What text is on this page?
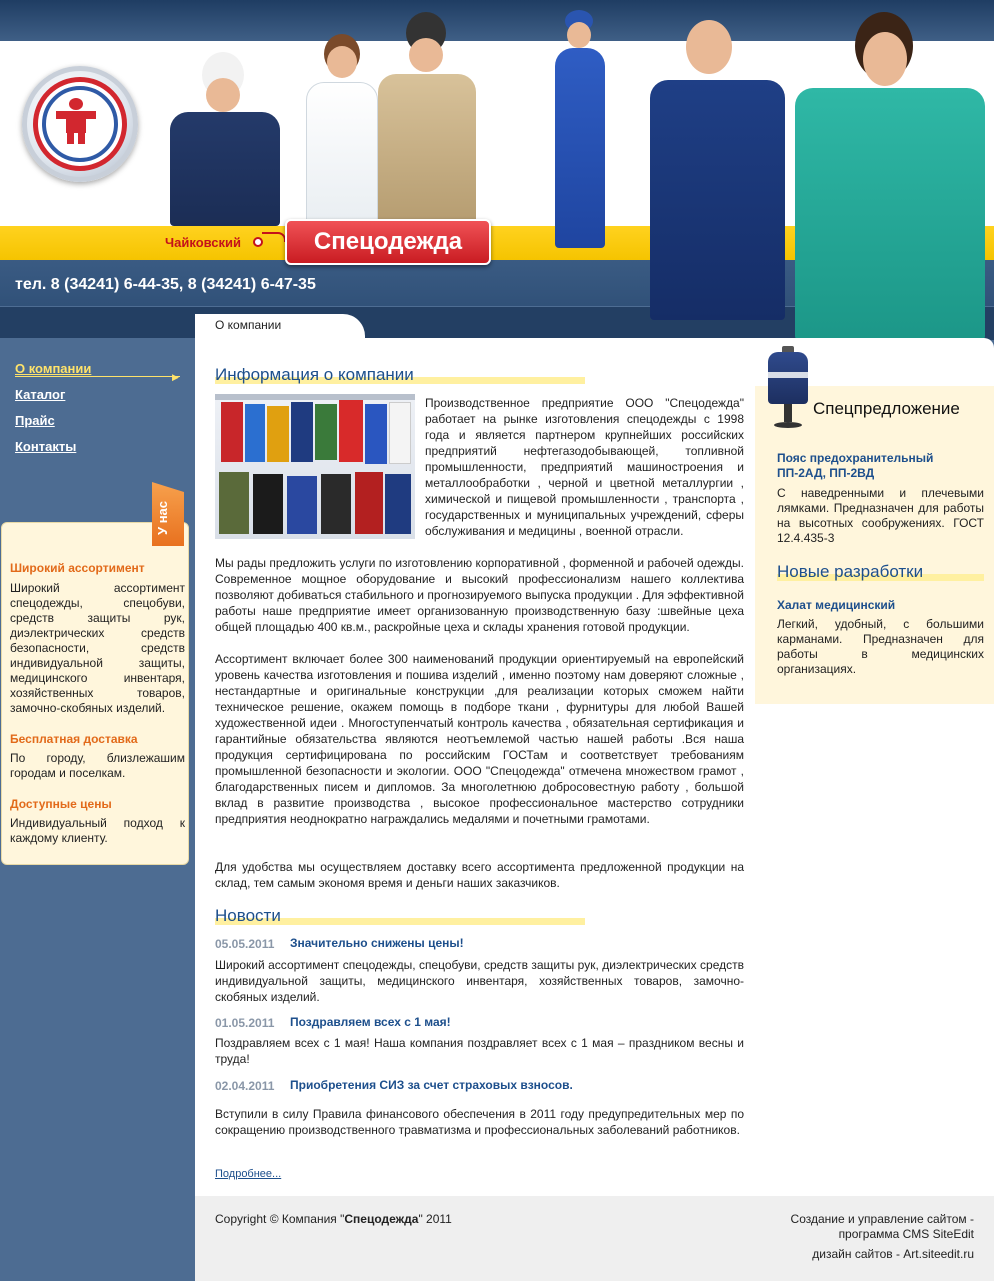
Чайковский	Спецодежда
тел. 8 (34241) 6-44-35, 8 (34241) 6-47-35
О компании
О компании
▶
Каталог
Прайс
Контакты
У нас
Широкий ассортимент
Широкий ассортимент спецодежды, спецобуви, средств защиты рук, диэлектрических средств безопасности, средств индивидуальной защиты, медицинского инвентаря, хозяйственных товаров, замочно-скобяных изделий.
Бесплатная доставка
По городу, близлежашим городам и поселкам.
Доступные цены
Индивидуальный подход к каждому клиенту.
Информация о компании
Производственное предприятие ООО "Спецодежда" работает на рынке изготовления спецодежды с 1998 года и является партнером крупнейших российских предприятий нефтегазодобывающей, топливной промышленности, предприятий машиностроения и металлообработки , черной и цветной металлургии , химической и пищевой промышленности , транспорта , государственных и муниципальных учреждений, сферы обслуживания и медицины , военной отрасли.
Мы рады предложить услуги по изготовлению корпоративной , форменной и рабочей одежды. Современное мощное оборудование и высокий профессионализм нашего коллектива позволяют добиваться стабильного и прогнозируемого выпуска продукции . Для эффективной работы наше предприятие имеет организованную производственную базу :швейные цеха общей площадью 400 кв.м., раскройные цеха и склады хранения готовой продукции.
Ассортимент включает более 300 наименований продукции ориентируемый на европейский уровень качества изготовления и пошива изделий , именно поэтому нам доверяют сложные , нестандартные и оригинальные конструкции ,для реализации которых сможем найти техническое решение, окажем помощь в подборе ткани , фурнитуры для любой Вашей художественной идеи . Многоступенчатый контроль качества , обязательная сертификация и гарантийные обязательства являются неотъемлемой частью нашей работы .Вся наша продукция сертифицирована по российским ГОСТам и соответствует требованиям промышленной безопасности и экологии. ООО "Спецодежда" отмечена множеством грамот , благодарственных писем и дипломов. За многолетнюю добросовестную работу , большой вклад в развитие производства , высокое профессиональное мастерство сотрудники предприятия неоднократно награждались медалями и почетными грамотами.
Для удобства мы осуществляем доставку всего ассортимента предложенной продукции на склад, тем самым экономя время и деньги наших заказчиков.
Новости
05.05.2011 Значительно снижены цены!
Широкий ассортимент спецодежды, спецобуви, средств защиты рук, диэлектрических средств индивидуальной защиты, медицинского инвентаря, хозяйственных товаров, замочно-скобяных изделий.
01.05.2011 Поздравляем всех с 1 мая!
Поздравляем всех с 1 мая! Наша компания поздравляет всех с 1 мая – праздником весны и труда!
02.04.2011 Приобретения СИЗ за счет страховых взносов.
Вступили в силу Правила финансового обеспечения в 2011 году предупредительных мер по сокращению производственного травматизма и профессиональных заболеваний работников.
Подробнее...
Спецпредложение
Пояс предохранительный ПП-2АД, ПП-2ВД
С наведренными и плечевыми лямками. Предназначен для работы на высотных сообружениях. ГОСТ 12.4.435-3
Новые разработки
Халат медицинский
Легкий, удобный, с большими карманами. Предназначен для работы в медицинских организациях.
Copyright © Компания "Спецодежда" 2011	Создание и управление сайтом - программа CMS SiteEdit
дизайн сайтов - Art.siteedit.ru
